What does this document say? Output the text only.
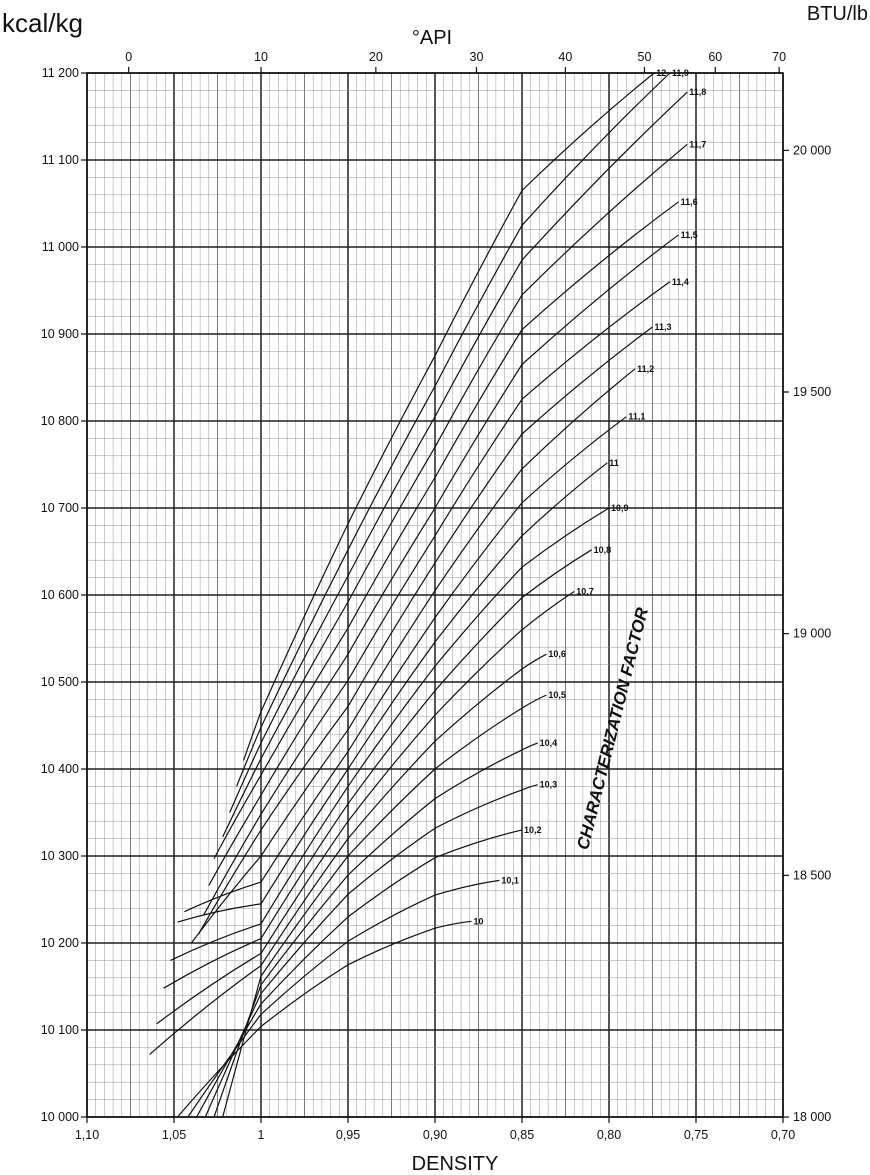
10
10,1
10,2
10,3
10,4
10,5
10,6
10,7
10,8
10,9
11
11,1
11,2
11,3
11,4
11,5
11,6
11,7
11,8
11,9
12
10 000
10 100
10 200
10 300
10 400
10 500
10 600
10 700
10 800
10 900
11 000
11 100
11 200
1,10	1,05	1	0,95	0,90	0,85	0,80	0,75	0,70
0	10	20	30	40	50	60	70
18 000
18 500
19 000
19 500
20 000
kcal/kg	BTU/lb
°API
DENSITY
CHARACTERIZATION FACTOR
